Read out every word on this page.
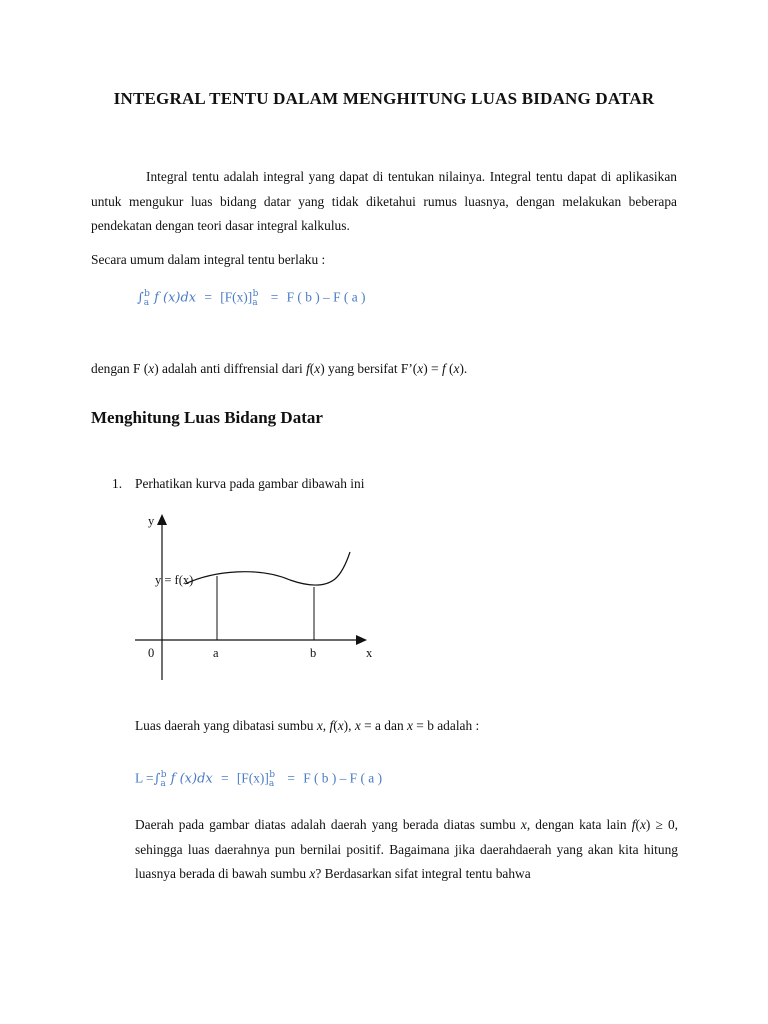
INTEGRAL TENTU DALAM MENGHITUNG LUAS BIDANG DATAR
Integral tentu adalah integral yang dapat di tentukan nilainya. Integral tentu dapat di aplikasikan untuk mengukur luas bidang datar yang tidak diketahui rumus luasnya, dengan melakukan beberapa pendekatan dengan teori dasar integral kalkulus.
Secara umum dalam integral tentu berlaku :
$\int_a^b$ f $(x)dx = [F(x)]_a^b = F$ ( b ) – F ( a )
dengan F (x) adalah anti diffrensial dari f(x) yang bersifat F’(x) = f (x).
Menghitung Luas Bidang Datar
1. Perhatikan kurva pada gambar dibawah ini
y
x
y = f(x)
0	a	b
Luas daerah yang dibatasi sumbu x, f(x), x = a dan x = b adalah :
$L =\int_a^b$ f $(x)dx = [F(x)]_a^b = F$ ( b ) – F ( a )
Daerah pada gambar diatas adalah daerah yang berada diatas sumbu x, dengan kata lain f(x) ≥ 0, sehingga luas daerahnya pun bernilai positif. Bagaimana jika daerahdaerah yang akan kita hitung luasnya berada di bawah sumbu x? Berdasarkan sifat integral tentu bahwa
